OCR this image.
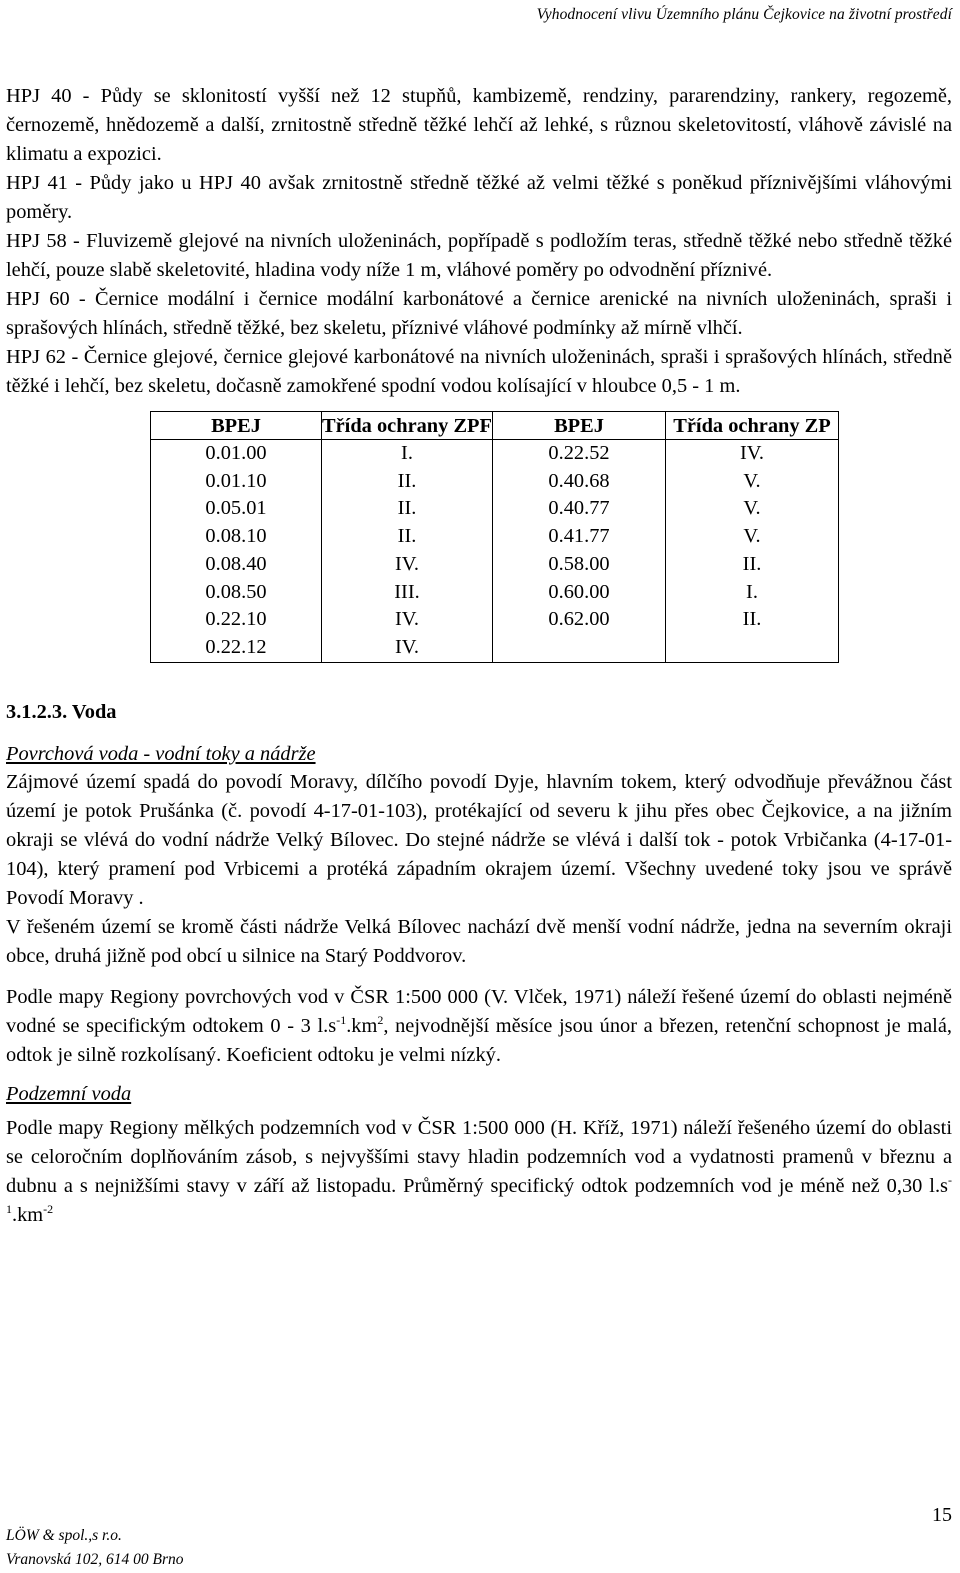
Vyhodnocení vlivu Územního plánu Čejkovice na životní prostředí

HPJ 40 - Půdy se sklonitostí vyšší než 12 stupňů, kambizemě, rendziny, pararendziny, rankery, regozemě, černozemě, hnědozemě a další, zrnitostně středně těžké lehčí až lehké, s různou skeletovitostí, vláhově závislé na klimatu a expozici.

HPJ 41 - Půdy jako u HPJ 40 avšak zrnitostně středně těžké až velmi těžké s poněkud příznivějšími vláhovými poměry.

HPJ 58 - Fluvizemě glejové na nivních uloženinách, popřípadě s podložím teras, středně těžké nebo středně těžké lehčí, pouze slabě skeletovité, hladina vody níže 1 m, vláhové poměry po odvodnění příznivé.

HPJ 60 - Černice modální i černice modální karbonátové a černice arenické na nivních uloženinách, spraši i sprašových hlínách, středně těžké, bez skeletu, příznivé vláhové podmínky až mírně vlhčí.

HPJ 62 - Černice glejové, černice glejové karbonátové na nivních uloženinách, spraši i sprašových hlínách, středně těžké i lehčí, bez skeletu, dočasně zamokřené spodní vodou kolísající v hloubce 0,5 - 1 m.

BPEJ	Třída ochrany ZPF	BPEJ	Třída ochrany ZP
0.01.00	I.	0.22.52	IV.
0.01.10	II.	0.40.68	V.
0.05.01	II.	0.40.77	V.
0.08.10	II.	0.41.77	V.
0.08.40	IV.	0.58.00	II.
0.08.50	III.	0.60.00	I.
0.22.10	IV.	0.62.00	II.
0.22.12	IV.		
3.1.2.3. Voda
Povrchová voda - vodní toky a nádrže

Zájmové území spadá do povodí Moravy, dílčího povodí Dyje, hlavním tokem, který odvodňuje převážnou část území je potok Prušánka (č. povodí 4-17-01-103), protékající od severu k jihu přes obec Čejkovice, a na jižním okraji se vlévá do vodní nádrže Velký Bílovec. Do stejné nádrže se vlévá i další tok - potok Vrbičanka (4-17-01-104), který pramení pod Vrbicemi a protéká západním okrajem území. Všechny uvedené toky jsou ve správě Povodí Moravy .

V řešeném území se kromě části nádrže Velká Bílovec nachází dvě menší vodní nádrže, jedna na severním okraji obce, druhá jižně pod obcí u silnice na Starý Poddvorov.

Podle mapy Regiony povrchových vod v ČSR 1:500 000 (V. Vlček, 1971) náleží řešené území do oblasti nejméně vodné se specifickým odtokem 0 - 3 $l.s^{-1}.km^2$, nejvodnější měsíce jsou únor a březen, retenční schopnost je malá, odtok je silně rozkolísaný. Koeficient odtoku je velmi nízký.

Podzemní voda

Podle mapy Regiony mělkých podzemních vod v ČSR 1:500 000 (H. Kříž, 1971) náleží řešeného území do oblasti se celoročním doplňováním zásob, s nejvyššími stavy hladin podzemních vod a vydatnosti pramenů v březnu a dubnu a s nejnižšími stavy v září až listopadu. Průměrný specifický odtok podzemních vod je méně než 0,30 $l.s^{-1}.km^{-2}$

15
LÖW & spol.,s r.o.
Vranovská 102, 614 00 Brno
